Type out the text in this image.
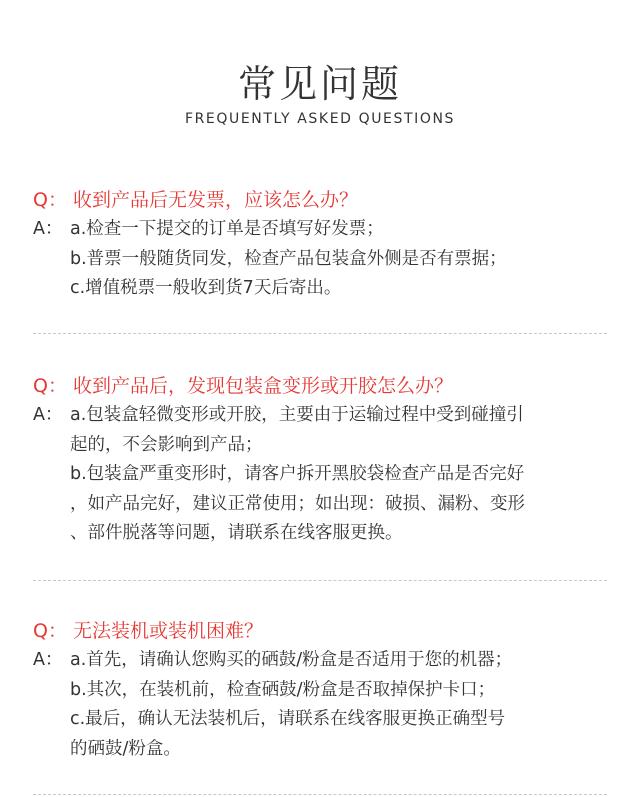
常见问题
FREQUENTLY ASKED QUESTIONS
Q： 收到产品后无发票，应该怎么办？
A： a.检查一下提交的订单是否填写好发票；
b.普票一般随货同发，检查产品包装盒外侧是否有票据；
c.增值税票一般收到货7天后寄出。
Q： 收到产品后，发现包装盒变形或开胶怎么办？
A： a.包装盒轻微变形或开胶，主要由于运输过程中受到碰撞引
起的，不会影响到产品；
b.包装盒严重变形时，请客户拆开黑胶袋检查产品是否完好
，如产品完好，建议正常使用；如出现：破损、漏粉、变形
、部件脱落等问题，请联系在线客服更换。
Q： 无法装机或装机困难？
A： a.首先，请确认您购买的硒鼓/粉盒是否适用于您的机器；
b.其次，在装机前，检查硒鼓/粉盒是否取掉保护卡口；
c.最后，确认无法装机后，请联系在线客服更换正确型号
的硒鼓/粉盒。
